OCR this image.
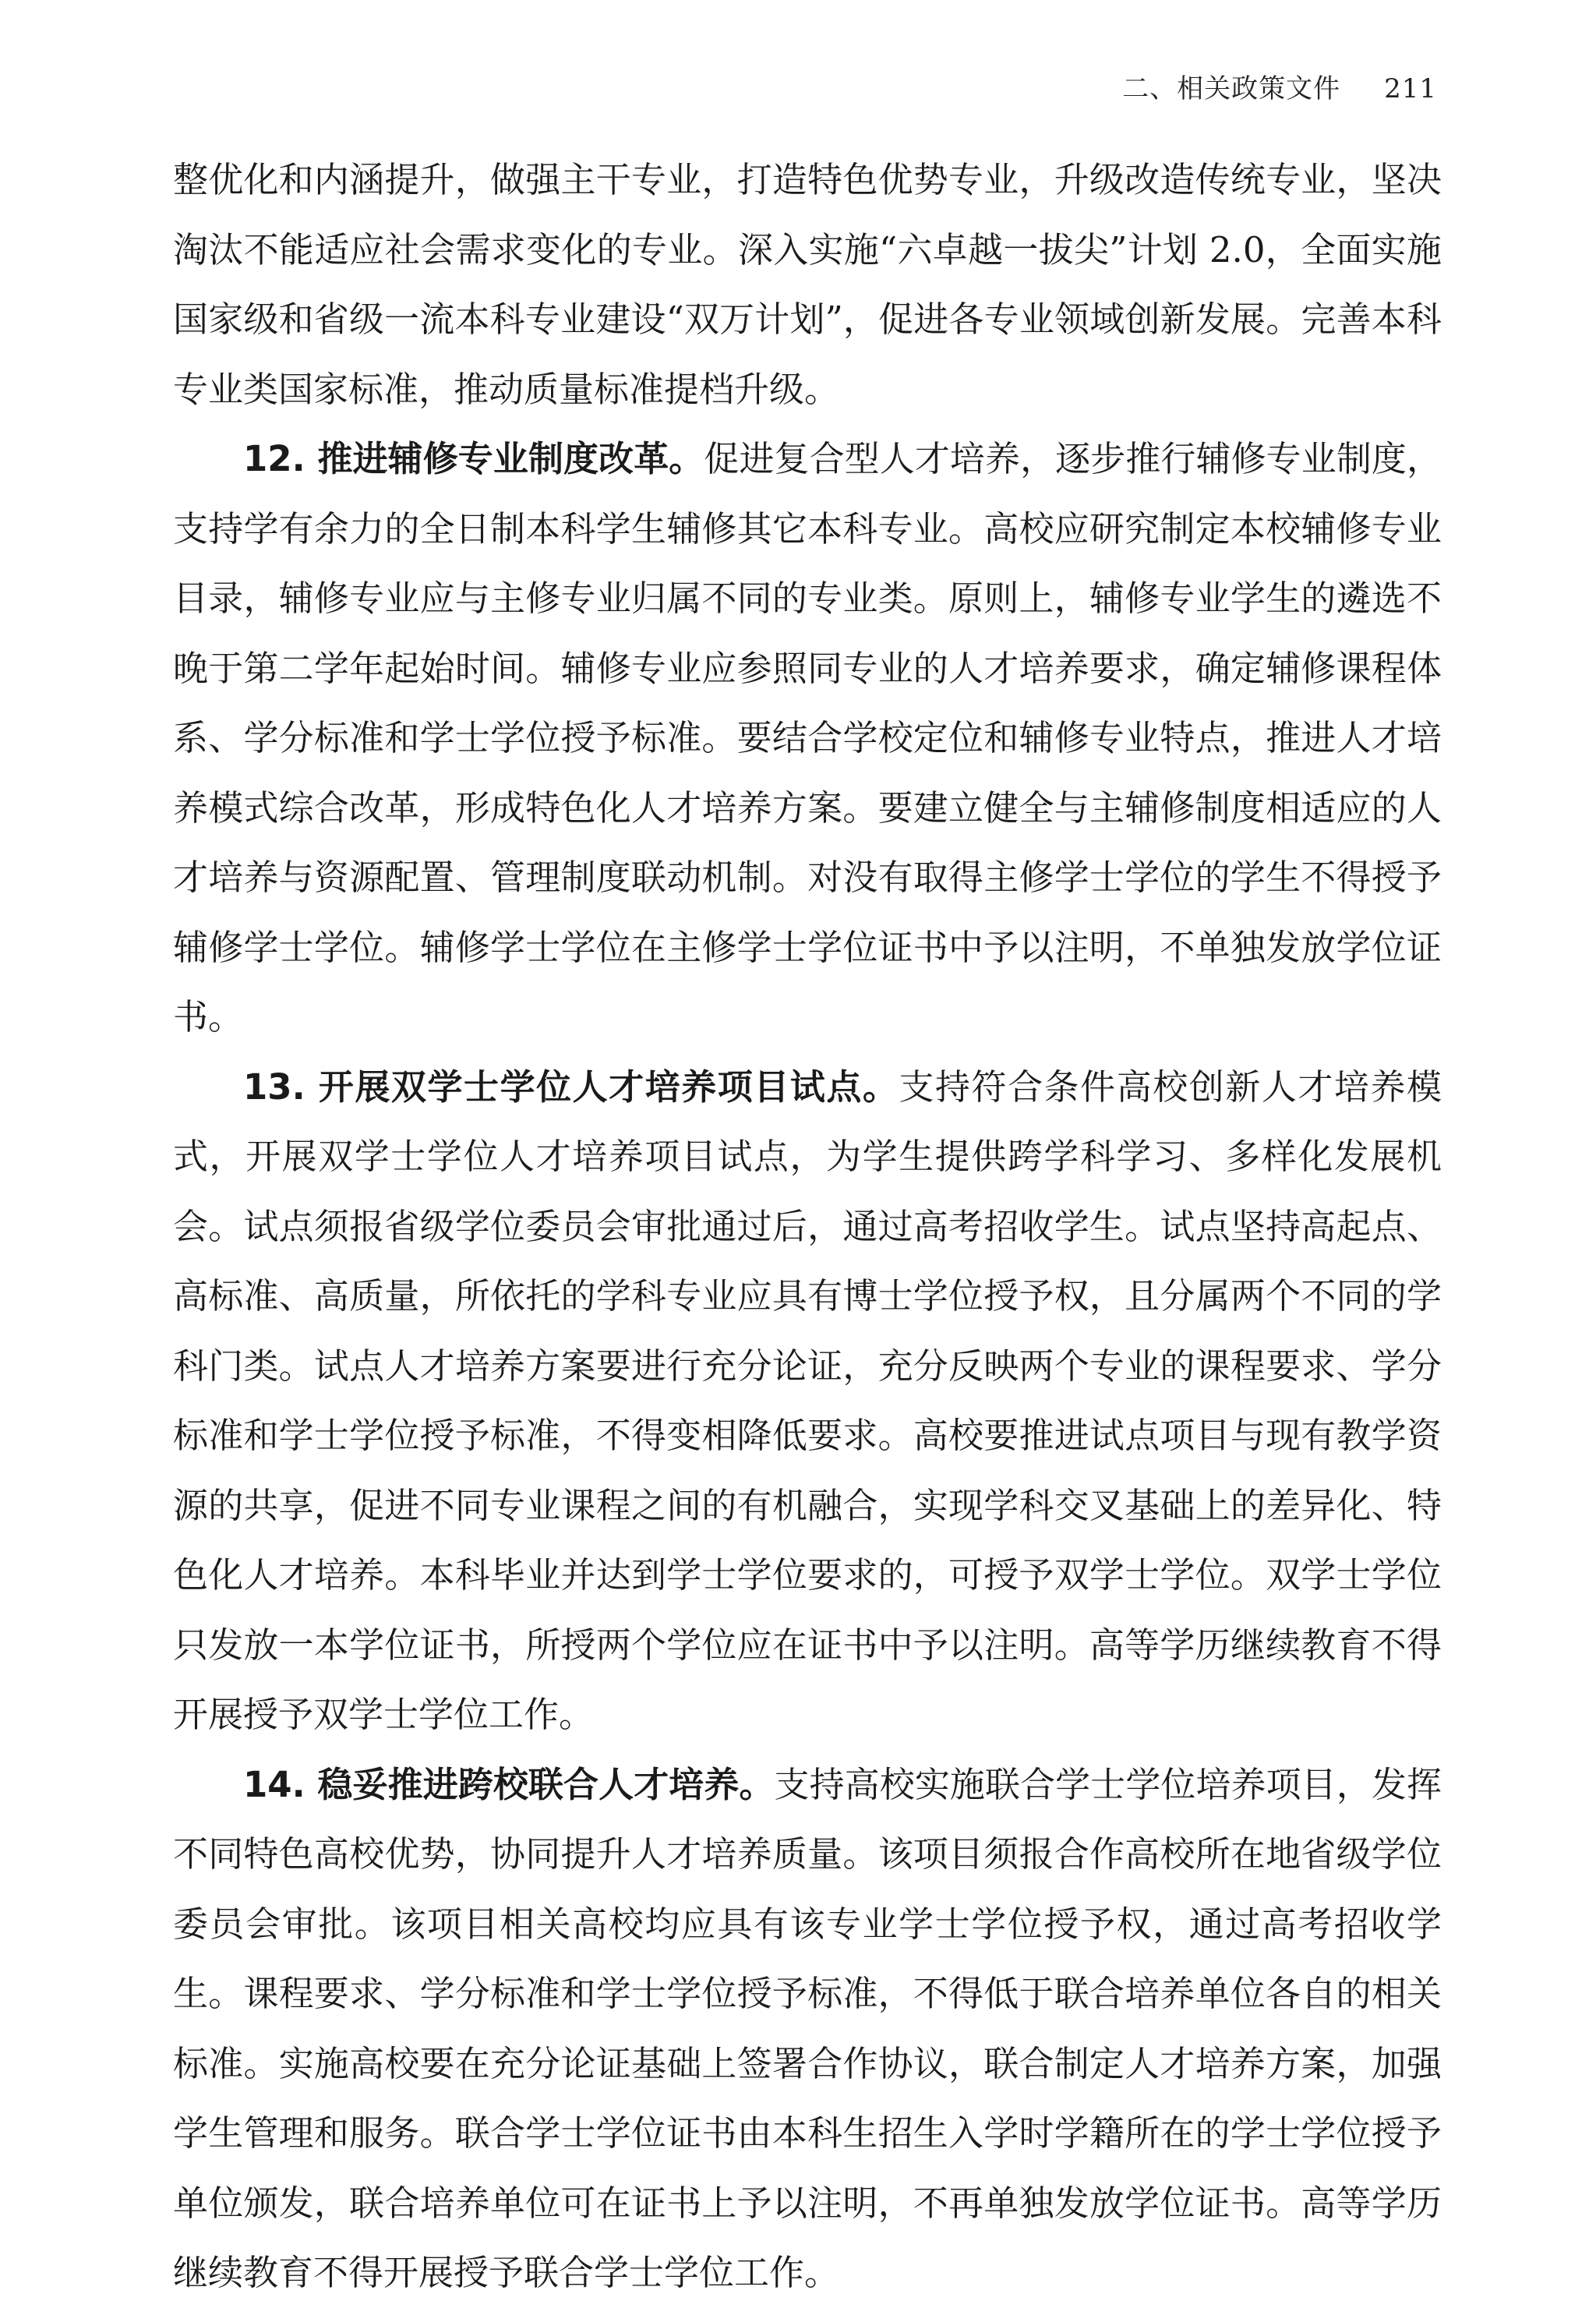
二、相关政策文件 211

整优化和内涵提升，做强主干专业，打造特色优势专业，升级改造传统专业，坚决淘汰不能适应社会需求变化的专业。深入实施“六卓越一拔尖”计划 2.0，全面实施国家级和省级一流本科专业建设“双万计划”，促进各专业领域创新发展。完善本科专业类国家标准，推动质量标准提档升级。

12. 推进辅修专业制度改革。促进复合型人才培养，逐步推行辅修专业制度，支持学有余力的全日制本科学生辅修其它本科专业。高校应研究制定本校辅修专业目录，辅修专业应与主修专业归属不同的专业类。原则上，辅修专业学生的遴选不晚于第二学年起始时间。辅修专业应参照同专业的人才培养要求，确定辅修课程体系、学分标准和学士学位授予标准。要结合学校定位和辅修专业特点，推进人才培养模式综合改革，形成特色化人才培养方案。要建立健全与主辅修制度相适应的人才培养与资源配置、管理制度联动机制。对没有取得主修学士学位的学生不得授予辅修学士学位。辅修学士学位在主修学士学位证书中予以注明，不单独发放学位证书。

13. 开展双学士学位人才培养项目试点。支持符合条件高校创新人才培养模式，开展双学士学位人才培养项目试点，为学生提供跨学科学习、多样化发展机会。试点须报省级学位委员会审批通过后，通过高考招收学生。试点坚持高起点、高标准、高质量，所依托的学科专业应具有博士学位授予权，且分属两个不同的学科门类。试点人才培养方案要进行充分论证，充分反映两个专业的课程要求、学分标准和学士学位授予标准，不得变相降低要求。高校要推进试点项目与现有教学资源的共享，促进不同专业课程之间的有机融合，实现学科交叉基础上的差异化、特色化人才培养。本科毕业并达到学士学位要求的，可授予双学士学位。双学士学位只发放一本学位证书，所授两个学位应在证书中予以注明。高等学历继续教育不得开展授予双学士学位工作。

14. 稳妥推进跨校联合人才培养。支持高校实施联合学士学位培养项目，发挥不同特色高校优势，协同提升人才培养质量。该项目须报合作高校所在地省级学位委员会审批。该项目相关高校均应具有该专业学士学位授予权，通过高考招收学生。课程要求、学分标准和学士学位授予标准，不得低于联合培养单位各自的相关标准。实施高校要在充分论证基础上签署合作协议，联合制定人才培养方案，加强学生管理和服务。联合学士学位证书由本科生招生入学时学籍所在的学士学位授予单位颁发，联合培养单位可在证书上予以注明，不再单独发放学位证书。高等学历继续教育不得开展授予联合学士学位工作。
